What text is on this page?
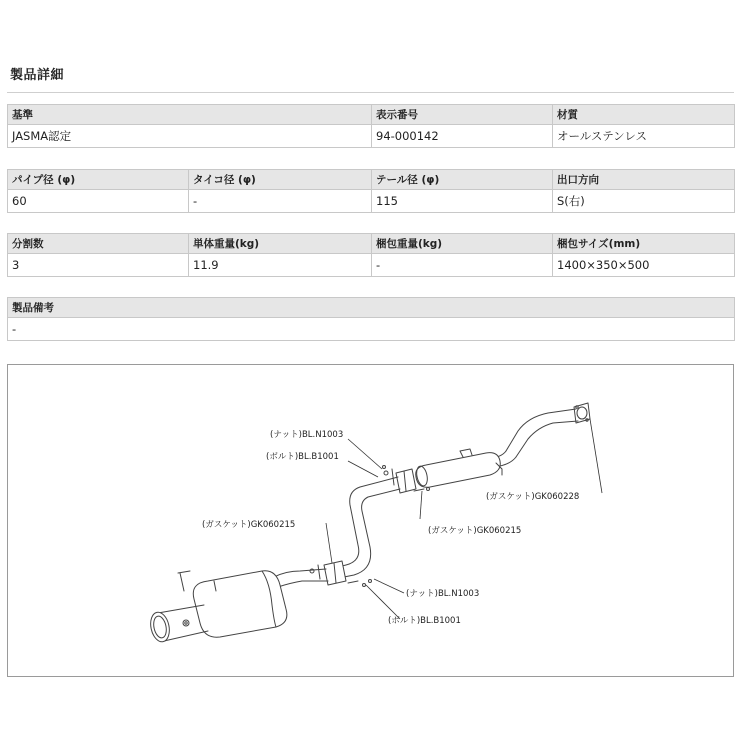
製品詳細
基準	表示番号	材質
JASMA認定	94-000142	オールステンレス
パイプ径 (φ)	タイコ径 (φ)	テール径 (φ)	出口方向
60	-	115	S(右)
分割数	単体重量(kg)	梱包重量(kg)	梱包サイズ(mm)
3	11.9	-	1400×350×500
製品備考
-
(ナット)BL.N1003
(ボルト)BL.B1001
(ガスケット)GK060228
(ガスケット)GK060215
(ガスケット)GK060215
(ナット)BL.N1003
(ボルト)BL.B1001
